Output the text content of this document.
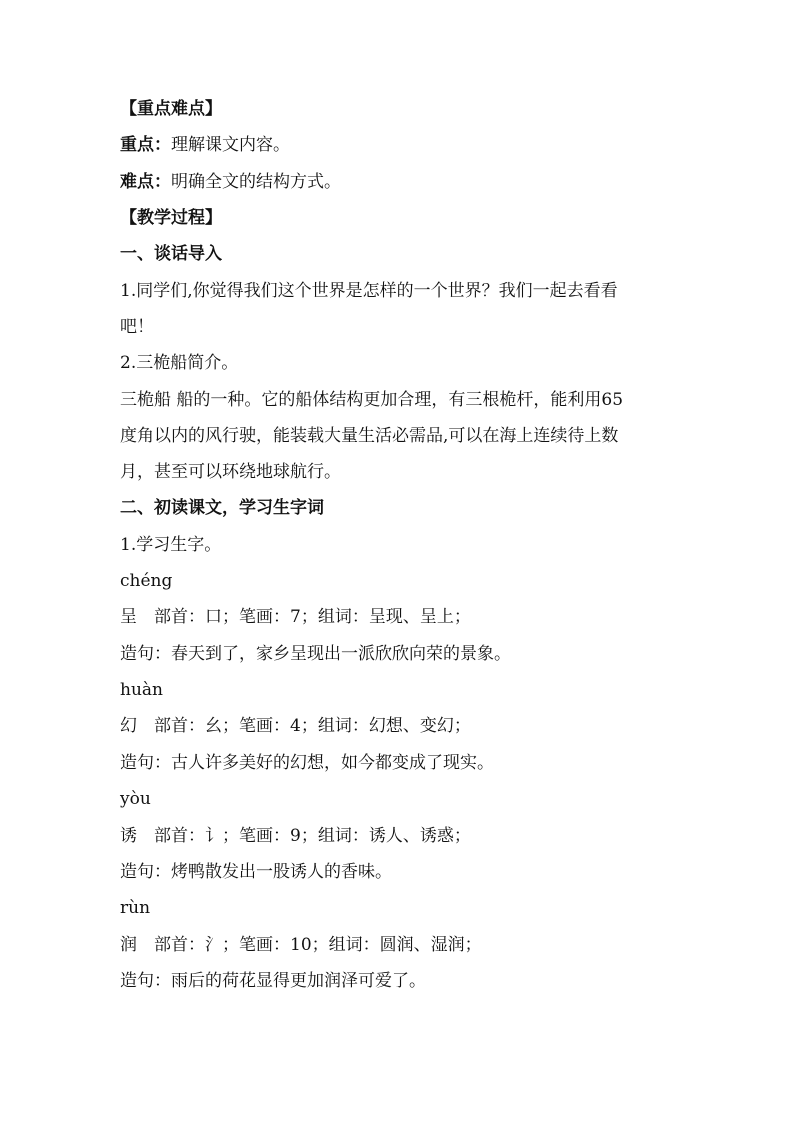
【重点难点】
重点：理解课文内容。
难点：明确全文的结构方式。
【教学过程】
一、谈话导入
1.同学们,你觉得我们这个世界是怎样的一个世界？我们一起去看看
吧！
2.三桅船简介。
三桅船 船的一种。它的船体结构更加合理，有三根桅杆，能利用65
度角以内的风行驶，能装载大量生活必需品,可以在海上连续待上数
月，甚至可以环绕地球航行。
二、初读课文，学习生字词
1.学习生字。
chéng
呈　部首：口；笔画：7；组词：呈现、呈上；
造句：春天到了，家乡呈现出一派欣欣向荣的景象。
huàn
幻　部首：幺；笔画：4；组词：幻想、变幻；
造句：古人许多美好的幻想，如今都变成了现实。
yòu
诱　部首：讠；笔画：9；组词：诱人、诱惑；
造句：烤鸭散发出一股诱人的香味。
rùn
润　部首：氵；笔画：10；组词：圆润、湿润；
造句：雨后的荷花显得更加润泽可爱了。
